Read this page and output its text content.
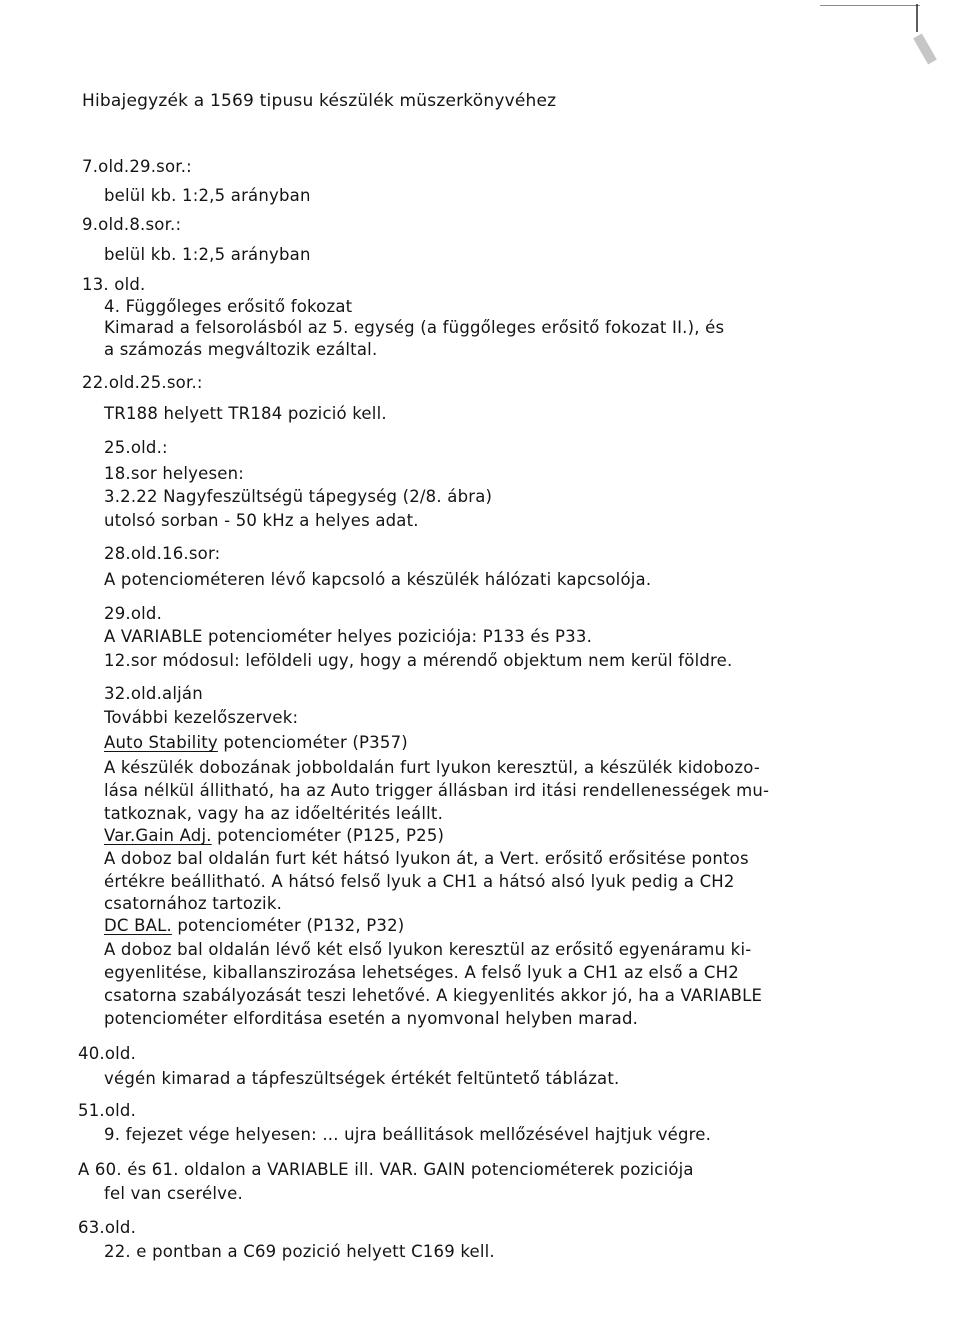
Hibajegyzék a 1569 tipusu készülék müszerkönyvéhez
7.old.29.sor.:
belül kb. 1:2,5 arányban
9.old.8.sor.:
belül kb. 1:2,5 arányban
13. old.
4. Függőleges erősitő fokozat
Kimarad a felsorolásból az 5. egység (a függőleges erősitő fokozat II.), és
a számozás megváltozik ezáltal.
22.old.25.sor.:
TR188 helyett TR184 pozició kell.
25.old.:
18.sor helyesen:
3.2.22 Nagyfeszültségü tápegység (2/8. ábra)
utolsó sorban - 50 kHz a helyes adat.
28.old.16.sor:
A potenciométeren lévő kapcsoló a készülék hálózati kapcsolója.
29.old.
A VARIABLE potenciométer helyes poziciója: P133 és P33.
12.sor módosul: leföldeli ugy, hogy a mérendő objektum nem kerül földre.
32.old.alján
További kezelőszervek:
Auto Stability potenciométer (P357)
A készülék dobozának jobboldalán furt lyukon keresztül, a készülék kidobozo-
lása nélkül állitható, ha az Auto trigger állásban ird itási rendellenességek mu-
tatkoznak, vagy ha az időeltérités leállt.
Var.Gain Adj. potenciométer (P125, P25)
A doboz bal oldalán furt két hátsó lyukon át, a Vert. erősitő erősitése pontos
értékre beállitható. A hátsó felső lyuk a CH1 a hátsó alsó lyuk pedig a CH2
csatornához tartozik.
DC BAL. potenciométer (P132, P32)
A doboz bal oldalán lévő két első lyukon keresztül az erősitő egyenáramu ki-
egyenlitése, kiballanszirozása lehetséges. A felső lyuk a CH1 az első a CH2
csatorna szabályozását teszi lehetővé. A kiegyenlités akkor jó, ha a VARIABLE
potenciométer elforditása esetén a nyomvonal helyben marad.
40.old.
végén kimarad a tápfeszültségek értékét feltüntető táblázat.
51.old.
9. fejezet vége helyesen: ... ujra beállitások mellőzésével hajtjuk végre.
A 60. és 61. oldalon a VARIABLE ill. VAR. GAIN potenciométerek poziciója
fel van cserélve.
63.old.
22. e pontban a C69 pozició helyett C169 kell.
